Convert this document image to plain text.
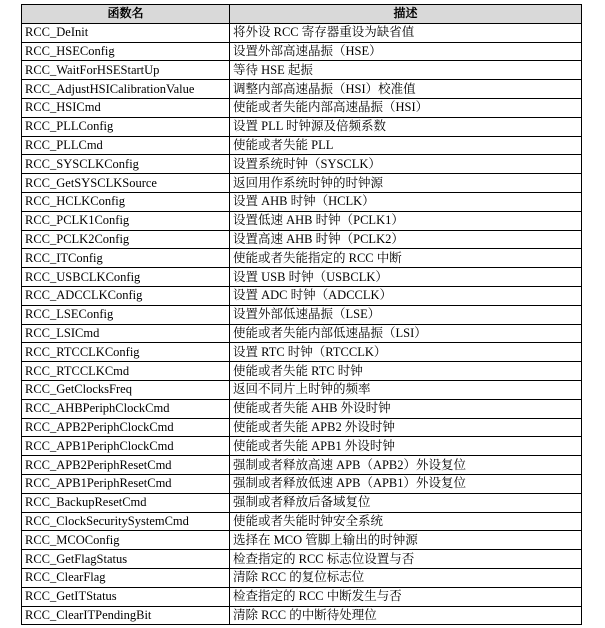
函数名	描述
RCC_DeInit	将外设 RCC 寄存器重设为缺省值
RCC_HSEConfig	设置外部高速晶振（HSE）
RCC_WaitForHSEStartUp	等待 HSE 起振
RCC_AdjustHSICalibrationValue	调整内部高速晶振（HSI）校准值
RCC_HSICmd	使能或者失能内部高速晶振（HSI）
RCC_PLLConfig	设置 PLL 时钟源及倍频系数
RCC_PLLCmd	使能或者失能 PLL
RCC_SYSCLKConfig	设置系统时钟（SYSCLK）
RCC_GetSYSCLKSource	返回用作系统时钟的时钟源
RCC_HCLKConfig	设置 AHB 时钟（HCLK）
RCC_PCLK1Config	设置低速 AHB 时钟（PCLK1）
RCC_PCLK2Config	设置高速 AHB 时钟（PCLK2）
RCC_ITConfig	使能或者失能指定的 RCC 中断
RCC_USBCLKConfig	设置 USB 时钟（USBCLK）
RCC_ADCCLKConfig	设置 ADC 时钟（ADCCLK）
RCC_LSEConfig	设置外部低速晶振（LSE）
RCC_LSICmd	使能或者失能内部低速晶振（LSI）
RCC_RTCCLKConfig	设置 RTC 时钟（RTCCLK）
RCC_RTCCLKCmd	使能或者失能 RTC 时钟
RCC_GetClocksFreq	返回不同片上时钟的频率
RCC_AHBPeriphClockCmd	使能或者失能 AHB 外设时钟
RCC_APB2PeriphClockCmd	使能或者失能 APB2 外设时钟
RCC_APB1PeriphClockCmd	使能或者失能 APB1 外设时钟
RCC_APB2PeriphResetCmd	强制或者释放高速 APB（APB2）外设复位
RCC_APB1PeriphResetCmd	强制或者释放低速 APB（APB1）外设复位
RCC_BackupResetCmd	强制或者释放后备域复位
RCC_ClockSecuritySystemCmd	使能或者失能时钟安全系统
RCC_MCOConfig	选择在 MCO 管脚上输出的时钟源
RCC_GetFlagStatus	检查指定的 RCC 标志位设置与否
RCC_ClearFlag	清除 RCC 的复位标志位
RCC_GetITStatus	检查指定的 RCC 中断发生与否
RCC_ClearITPendingBit	清除 RCC 的中断待处理位
